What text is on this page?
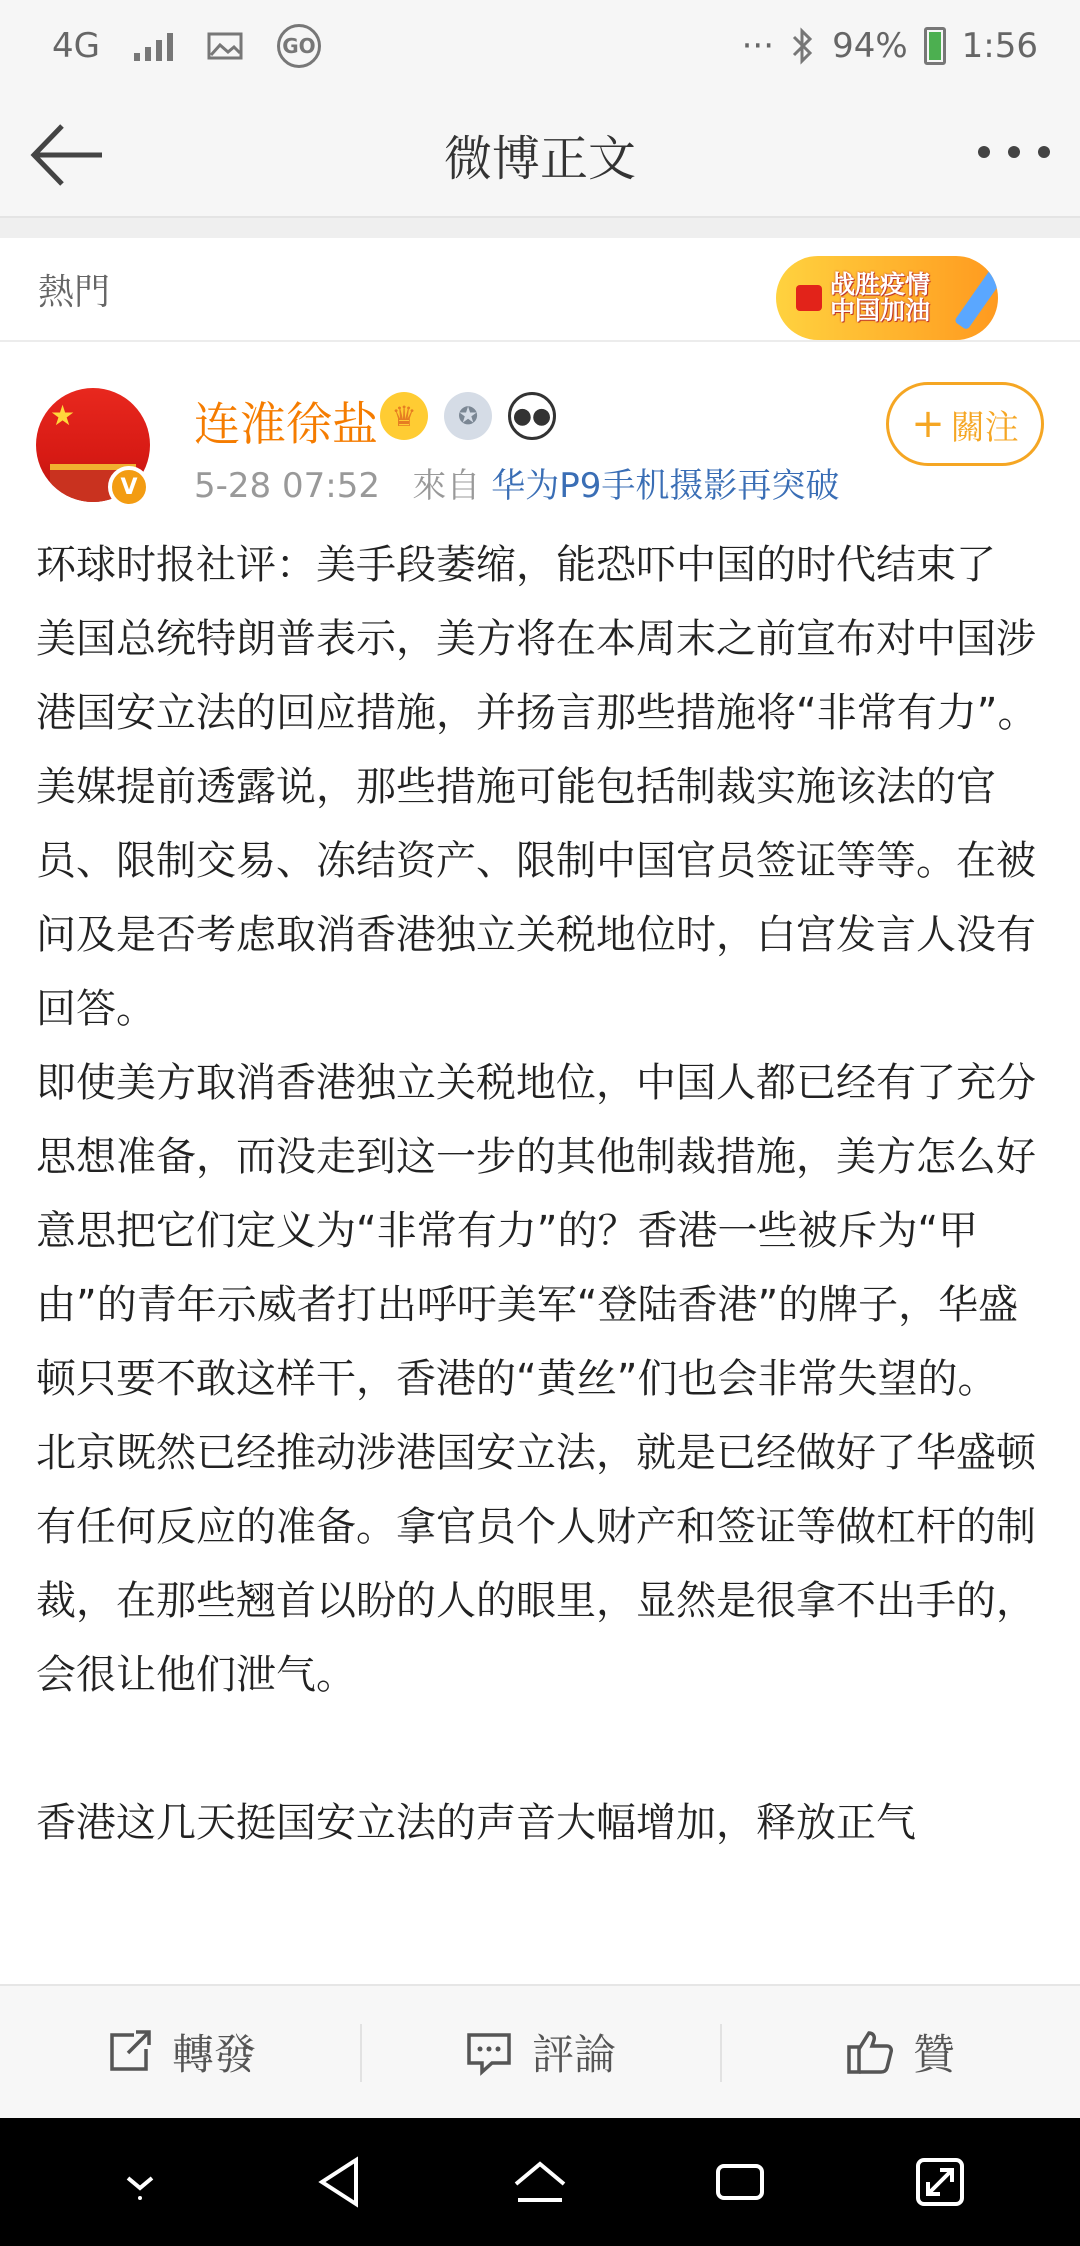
4G	GO	··· 94% 1:56
微博正文
熱門	战胜疫情
中国加油
★
V
连淮徐盐 ♛	✪	●●
5-28 07:52 來自 华为P9手机摄影再突破
+ 關注

环球时报社评：美手段萎缩，能恐吓中国的时代结束了

美国总统特朗普表示，美方将在本周末之前宣布对中国涉港国安立法的回应措施，并扬言那些措施将“非常有力”。美媒提前透露说，那些措施可能包括制裁实施该法的官员、限制交易、冻结资产、限制中国官员签证等等。在被问及是否考虑取消香港独立关税地位时，白宫发言人没有回答。

即使美方取消香港独立关税地位，中国人都已经有了充分思想准备，而没走到这一步的其他制裁措施，美方怎么好意思把它们定义为“非常有力”的？香港一些被斥为“甲由”的青年示威者打出呼吁美军“登陆香港”的牌子，华盛顿只要不敢这样干，香港的“黄丝”们也会非常失望的。

北京既然已经推动涉港国安立法，就是已经做好了华盛顿有任何反应的准备。拿官员个人财产和签证等做杠杆的制裁，在那些翘首以盼的人的眼里，显然是很拿不出手的，会很让他们泄气。

香港这几天挺国安立法的声音大幅增加，释放正气

轉發	評論	贊
